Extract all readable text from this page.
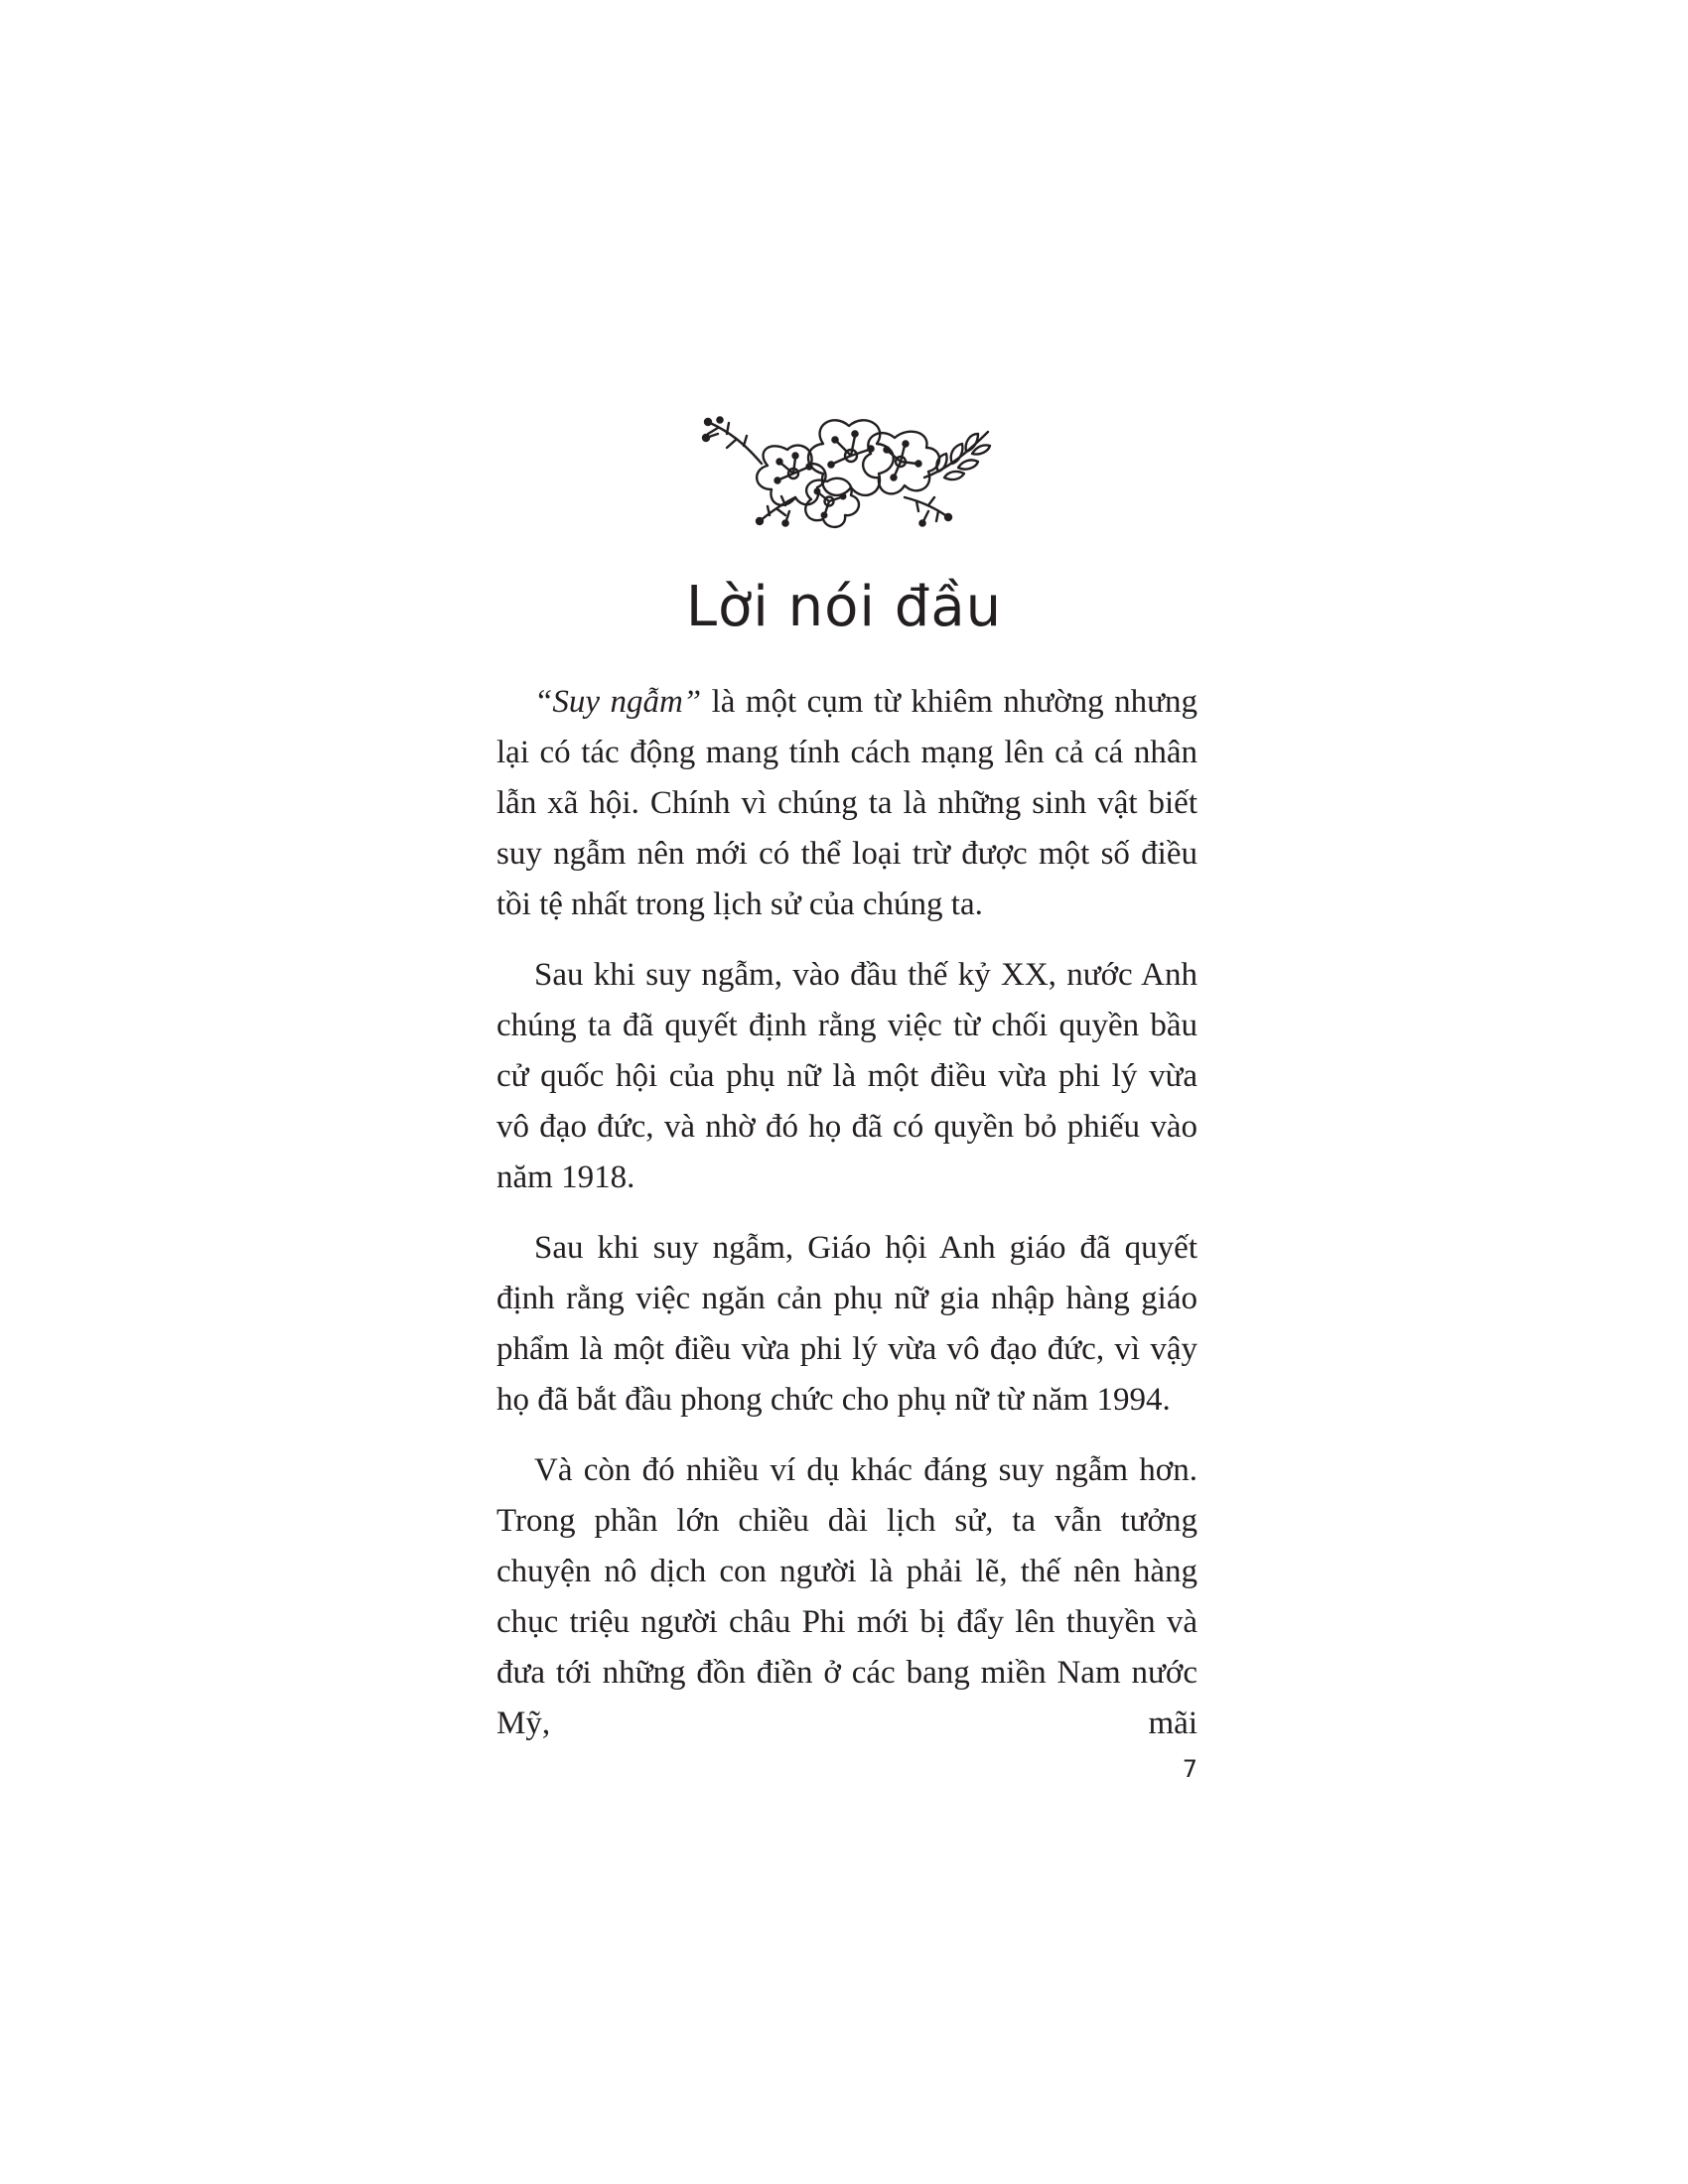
Lời nói đầu

“Suy ngẫm” là một cụm từ khiêm nhường nhưng lại có tác động mang tính cách mạng lên cả cá nhân lẫn xã hội. Chính vì chúng ta là những sinh vật biết suy ngẫm nên mới có thể loại trừ được một số điều tồi tệ nhất trong lịch sử của chúng ta.

Sau khi suy ngẫm, vào đầu thế kỷ XX, nước Anh chúng ta đã quyết định rằng việc từ chối quyền bầu cử quốc hội của phụ nữ là một điều vừa phi lý vừa vô đạo đức, và nhờ đó họ đã có quyền bỏ phiếu vào năm 1918.

Sau khi suy ngẫm, Giáo hội Anh giáo đã quyết định rằng việc ngăn cản phụ nữ gia nhập hàng giáo phẩm là một điều vừa phi lý vừa vô đạo đức, vì vậy họ đã bắt đầu phong chức cho phụ nữ từ năm 1994.

Và còn đó nhiều ví dụ khác đáng suy ngẫm hơn. Trong phần lớn chiều dài lịch sử, ta vẫn tưởng chuyện nô dịch con người là phải lẽ, thế nên hàng chục triệu người châu Phi mới bị đẩy lên thuyền và đưa tới những đồn điền ở các bang miền Nam nước Mỹ, mãi

7
